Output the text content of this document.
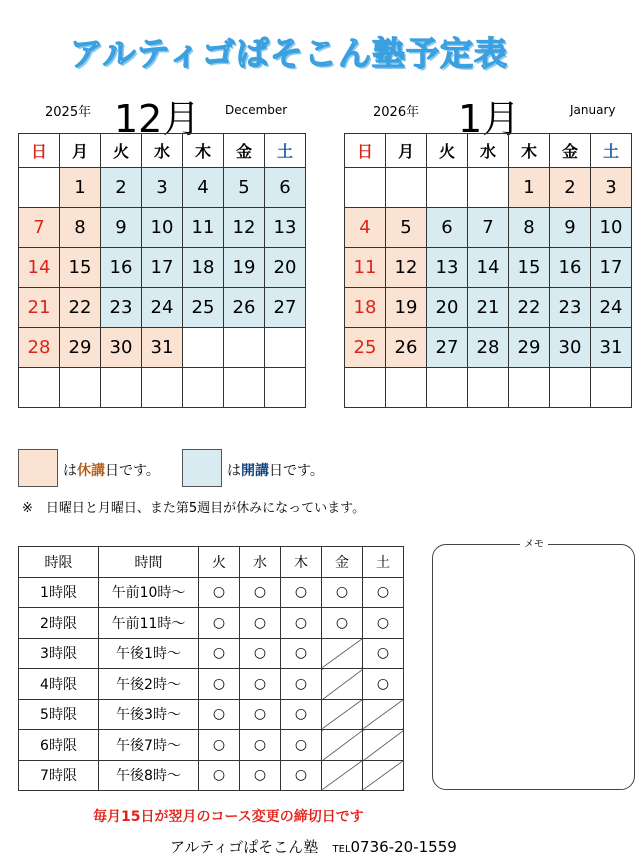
アルティゴぱそこん塾予定表
2025年 12月 December
日	月	火	水	木	金	土
	1	2	3	4	5	6
7	8	9	10	11	12	13
14	15	16	17	18	19	20
21	22	23	24	25	26	27
28	29	30	31			

2026年 1月	January
日	月	火	水	木	金	土
				1	2	3
4	5	6	7	8	9	10
11	12	13	14	15	16	17
18	19	20	21	22	23	24
25	26	27	28	29	30	31

は休講日です。	は開講日です。
※　日曜日と月曜日、また第5週目が休みになっています。
時限	時間	火	水	木	金	土
1時限	午前10時～	○	○	○	○	○
2時限	午前11時～	○	○	○	○	○
3時限	午後1時～	○	○	○		○
4時限	午後2時～	○	○	○		○
5時限	午後3時～	○	○	○		
6時限	午後7時～	○	○	○		
7時限	午後8時～	○	○	○		
メモ
毎月15日が翌月のコース変更の締切日です
アルティゴぱそこん塾 TEL0736-20-1559
